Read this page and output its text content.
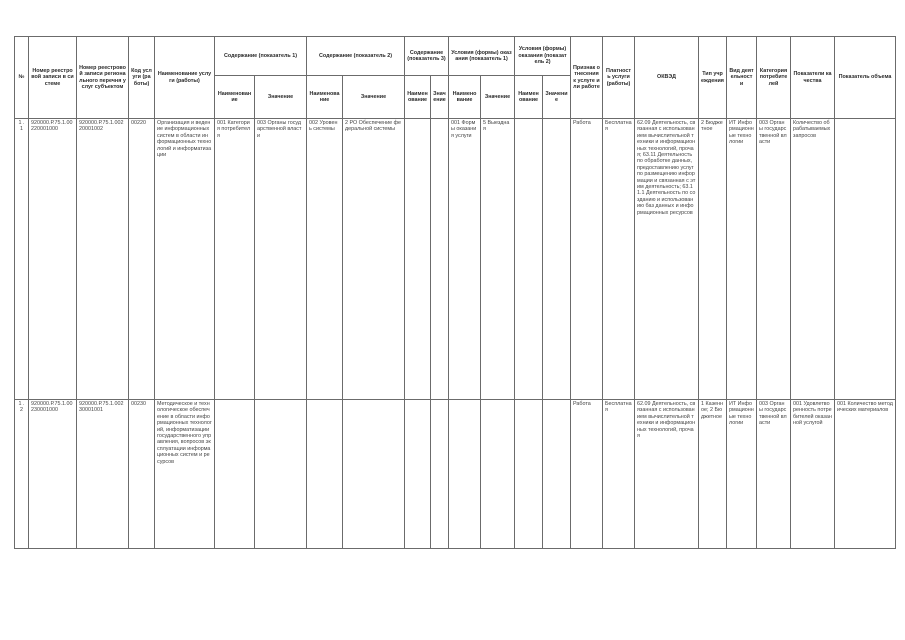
№	Номер реестровой записи в системе	Номер реестровой записи регионального перечня услуг субъектом	Код услуги (работы)	Наименование услуги (работы)	Содержание (показатель 1)		Содержание (показатель 2)		Содержание (показатель 3)		Условия (формы) оказания (показатель 1)		Условия (формы) оказания (показатель 2)		Признак отнесения к услуге или работе	Платность услуги (работы)	ОКВЭД	Тип учреждения	Вид деятельности	Категория потребителей	Показатели качества	Показатель объема
					Наименование	Значение	Наименование	Значение	Наименование	Значение	Наименование	Значение	Наименование	Значение								
1 . 1	920000.Р.75.1.00220001000	920000.Р.75.1.00220001002	00220	Организация и ведение информационных систем в области информационных технологий и информатизации	001 Категория потребителя	003 Органы государственной власти	002 Уровень системы	2 РО Обеспечение федеральной системы			001 Формы оказания услуги	5 Выездная			Работа	Бесплатная	62.09 Деятельность, связанная с использованием вычислительной техники и информационных технологий, прочая; 63.11 Деятельность по обработке данных, предоставлению услуг по размещению информации и связанная с этим деятельность; 63.11.1 Деятельность по созданию и использованию баз данных и информационных ресурсов	2 Бюджетное	ИТ Информационные технологии	003 Органы государственной власти	Количество обрабатываемых запросов	
1 . 2	920000.Р.75.1.00230001000	920000.Р.75.1.00230001001	00230	Методическое и технологическое обеспечение в области информационных технологий, информатизации государственного управления, вопросов эксплуатации информационных систем и ресурсов											Работа	Бесплатная	62.09 Деятельность, связанная с использованием вычислительной техники и информационных технологий, прочая	1 Казенное; 2 Бюджетное	ИТ Информационные технологии	003 Органы государственной власти	001 Удовлетворенность потребителей оказанной услугой	001 Количество методических материалов
